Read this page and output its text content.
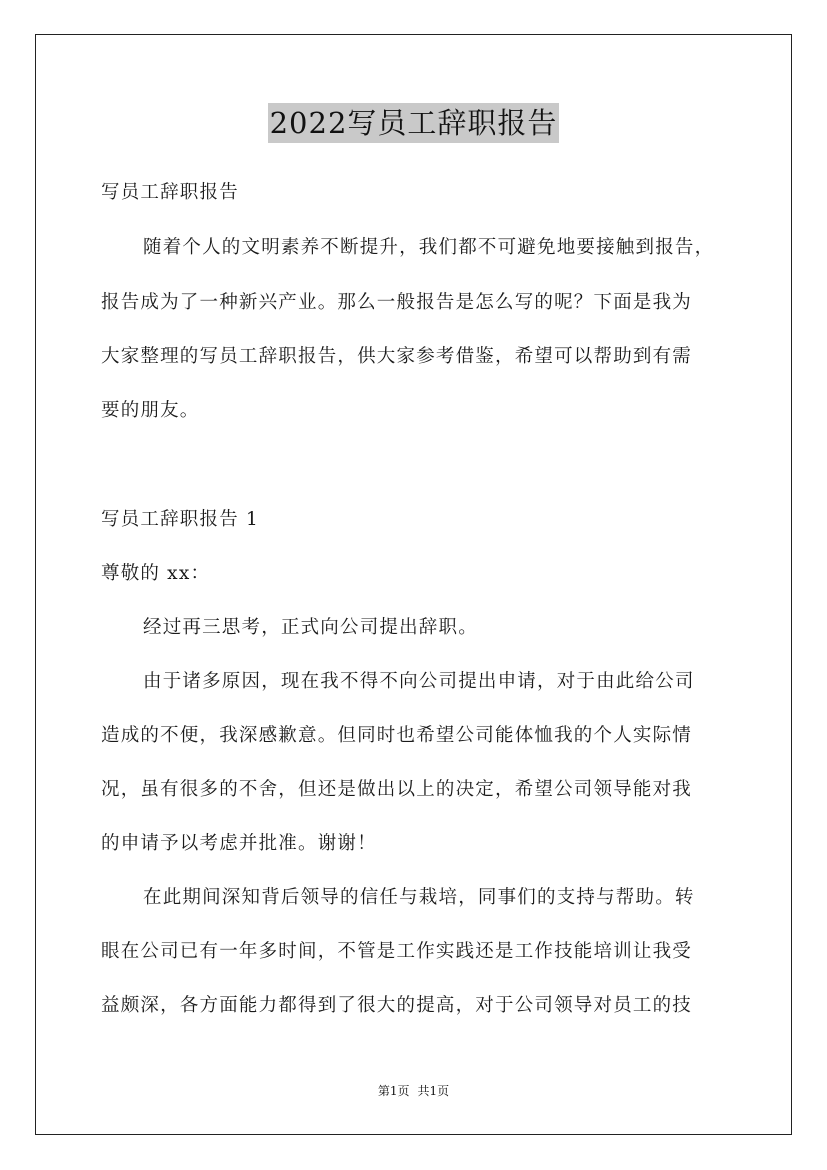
2022写员工辞职报告
写员工辞职报告
随着个人的文明素养不断提升，我们都不可避免地要接触到报告，
报告成为了一种新兴产业。那么一般报告是怎么写的呢？下面是我为
大家整理的写员工辞职报告，供大家参考借鉴，希望可以帮助到有需
要的朋友。
写员工辞职报告 1
尊敬的 xx：
经过再三思考，正式向公司提出辞职。
由于诸多原因，现在我不得不向公司提出申请，对于由此给公司
造成的不便，我深感歉意。但同时也希望公司能体恤我的个人实际情
况，虽有很多的不舍，但还是做出以上的决定，希望公司领导能对我
的申请予以考虑并批准。谢谢！
在此期间深知背后领导的信任与栽培，同事们的支持与帮助。转
眼在公司已有一年多时间，不管是工作实践还是工作技能培训让我受
益颇深，各方面能力都得到了很大的提高，对于公司领导对员工的技
第1页 共1页
